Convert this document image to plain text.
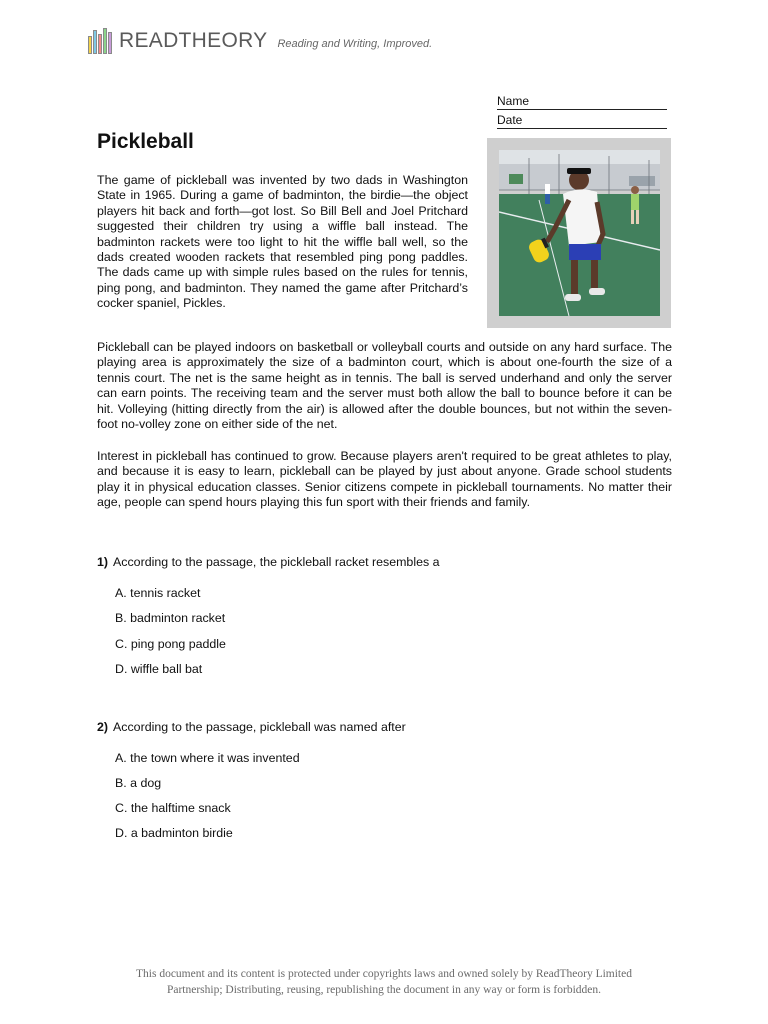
READTHEORY Reading and Writing, Improved.
Name
Date
Pickleball

The game of pickleball was invented by two dads in Washington State in 1965. During a game of badminton, the birdie—the object players hit back and forth—got lost. So Bill Bell and Joel Pritchard suggested their children try using a wiffle ball instead. The badminton rackets were too light to hit the wiffle ball well, so the dads created wooden rackets that resembled ping pong paddles. The dads came up with simple rules based on the rules for tennis, ping pong, and badminton. They named the game after Pritchard’s cocker spaniel, Pickles.

Pickleball can be played indoors on basketball or volleyball courts and outside on any hard surface. The playing area is approximately the size of a badminton court, which is about one-fourth the size of a tennis court. The net is the same height as in tennis. The ball is served underhand and only the server can earn points. The receiving team and the server must both allow the ball to bounce before it can be hit. Volleying (hitting directly from the air) is allowed after the double bounces, but not within the seven-foot no-volley zone on either side of the net.

Interest in pickleball has continued to grow. Because players aren't required to be great athletes to play, and because it is easy to learn, pickleball can be played by just about anyone. Grade school students play it in physical education classes. Senior citizens compete in pickleball tournaments. No matter their age, people can spend hours playing this fun sport with their friends and family.

1) According to the passage, the pickleball racket resembles a
A. tennis racket
B. badminton racket
C. ping pong paddle
D. wiffle ball bat
2) According to the passage, pickleball was named after
A. the town where it was invented
B. a dog
C. the halftime snack
D. a badminton birdie
This document and its content is protected under copyrights laws and owned solely by ReadTheory Limited
Partnership; Distributing, reusing, republishing the document in any way or form is forbidden.
